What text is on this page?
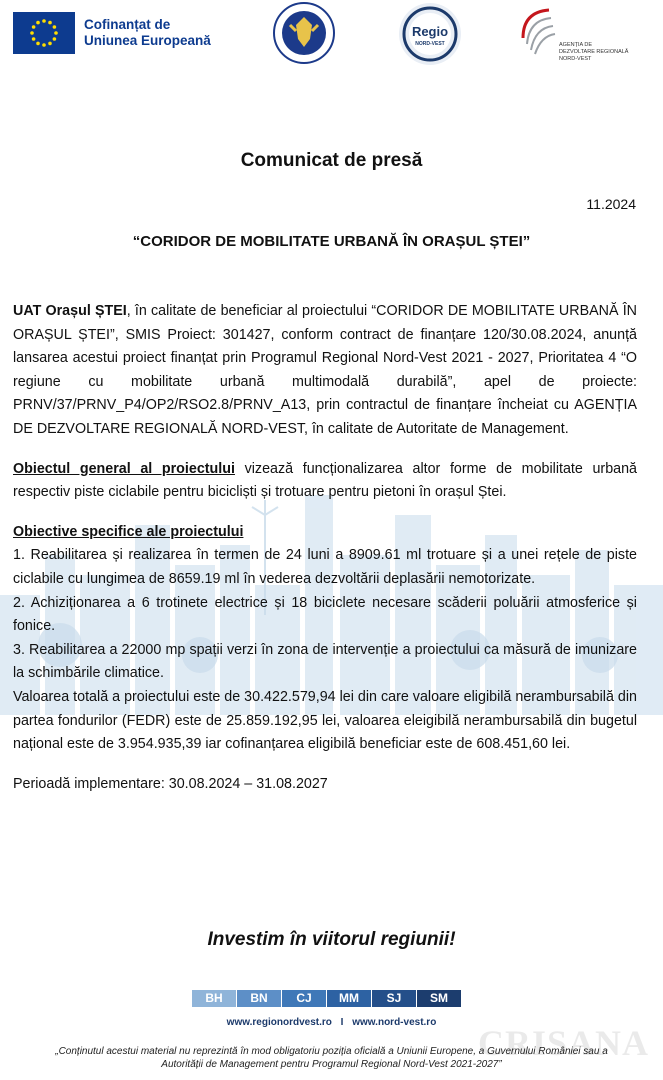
Cofinanțat de
Uniunea Europeană
Regio
NORD-VEST	AGENȚIA DE
DEZVOLTARE REGIONALĂ
NORD-VEST
Comunicat de presă
11.2024
“CORIDOR DE MOBILITATE URBANĂ ÎN ORAȘUL ȘTEI”

UAT Orașul ȘTEI, în calitate de beneficiar al proiectului “CORIDOR DE MOBILITATE URBANĂ ÎN ORAȘUL ȘTEI”, SMIS Proiect: 301427, conform contract de finanțare 120/30.08.2024, anunță lansarea acestui proiect finanțat prin Programul Regional Nord-Vest 2021 - 2027, Prioritatea 4 “O regiune cu mobilitate urbană multimodală durabilă”, apel de proiecte: PRNV/37/PRNV_P4/OP2/RSO2.8/PRNV_A13, prin contractul de finanțare încheiat cu AGENȚIA DE DEZVOLTARE REGIONALĂ NORD-VEST, în calitate de Autoritate de Management.

Obiectul general al proiectului vizează funcționalizarea altor forme de mobilitate urbană respectiv piste ciclabile pentru bicicliști și trotuare pentru pietoni în orașul Ștei.

Obiective specifice ale proiectului
1. Reabilitarea și realizarea în termen de 24 luni a 8909.61 ml trotuare și a unei rețele de piste ciclabile cu lungimea de 8659.19 ml în vederea dezvoltării deplasării nemotorizate.
2. Achiziționarea a 6 trotinete electrice și 18 biciclete necesare scăderii poluării atmosferice și fonice.
3. Reabilitarea a 22000 mp spații verzi în zona de intervenție a proiectului ca măsură de imunizare la schimbările climatice.
Valoarea totală a proiectului este de 30.422.579,94 lei din care valoare eligibilă nerambursabilă din partea fondurilor (FEDR) este de 25.859.192,95 lei, valoarea eleigibilă nerambursabilă din bugetul național este de 3.954.935,39 iar cofinanțarea eligibilă beneficiar este de 608.451,60 lei.

Perioadă implementare: 30.08.2024 – 31.08.2027

Investim în viitorul regiunii!
BH	BN	CJ	MM	SJ	SM
www.regionordvest.ro I www.nord-vest.ro
„Conținutul acestui material nu reprezintă în mod obligatoriu poziția oficială a Uniunii Europene, a Guvernului României sau a Autorității de Management pentru Programul Regional Nord-Vest 2021-2027”
CRISANA
